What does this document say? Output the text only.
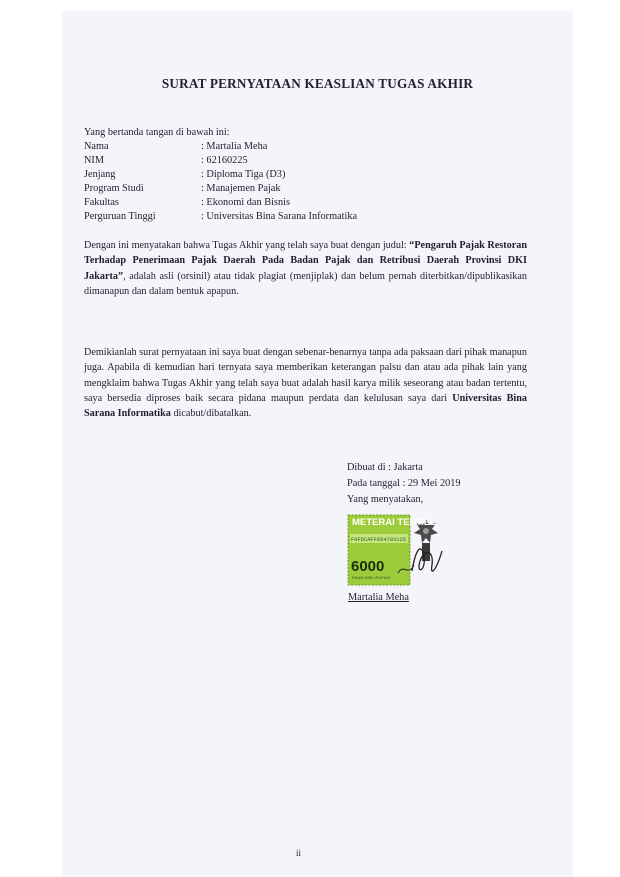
SURAT PERNYATAAN KEASLIAN TUGAS AKHIR
Yang bertanda tangan di bawah ini:
Nama	: Martalia Meha
NIM	: 62160225
Jenjang	: Diploma Tiga (D3)
Program Studi	: Manajemen Pajak
Fakultas	: Ekonomi dan Bisnis
Perguruan Tinggi	: Universitas Bina Sarana Informatika
Dengan ini menyatakan bahwa Tugas Akhir yang telah saya buat dengan judul: “Pengaruh Pajak Restoran Terhadap Penerimaan Pajak Daerah Pada Badan Pajak dan Retribusi Daerah Provinsi DKI Jakarta”, adalah asli (orsinil) atau tidak plagiat (menjiplak) dan belum pernah diterbitkan/dipublikasikan dimanapun dan dalam bentuk apapun.
Demikianlah surat pernyataan ini saya buat dengan sebenar-benarnya tanpa ada paksaan dari pihak manapun juga. Apabila di kemudian hari ternyata saya memberikan keterangan palsu dan atau ada pihak lain yang mengklaim bahwa Tugas Akhir yang telah saya buat adalah hasil karya milik seseorang atau badan tertentu, saya bersedia diproses baik secara pidana maupun perdata dan kelulusan saya dari Universitas Bina Sarana Informatika dicabut/dibatalkan.
Dibuat di : Jakarta
Pada tanggal : 29 Mei 2019
Yang menyatakan,
METERAI TEMPEL
F0FDCAFF854783125
6000
ENAM RIBU RUPIAH
Martalia Meha
ii
